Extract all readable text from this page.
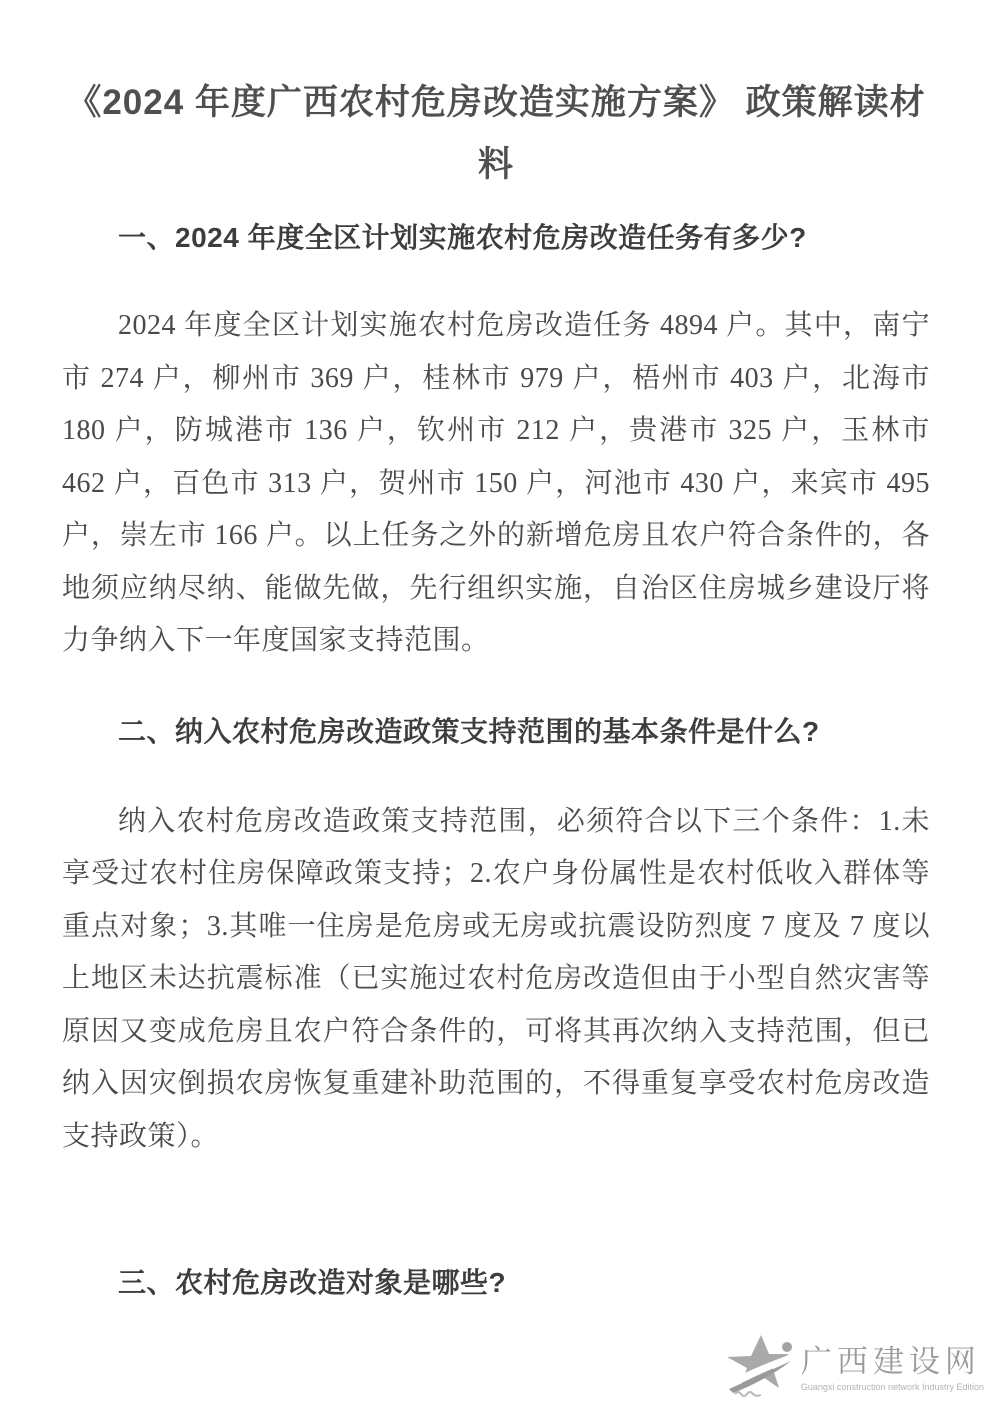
《2024 年度广西农村危房改造实施方案》 政策解读材料
一、2024 年度全区计划实施农村危房改造任务有多少?

2024 年度全区计划实施农村危房改造任务 4894 户。其中，南宁市 274 户，柳州市 369 户，桂林市 979 户，梧州市 403 户，北海市 180 户，防城港市 136 户，钦州市 212 户，贵港市 325 户，玉林市 462 户，百色市 313 户，贺州市 150 户，河池市 430 户，来宾市 495 户，崇左市 166 户。以上任务之外的新增危房且农户符合条件的，各地须应纳尽纳、能做先做，先行组织实施，自治区住房城乡建设厅将力争纳入下一年度国家支持范围。

二、纳入农村危房改造政策支持范围的基本条件是什么?

纳入农村危房改造政策支持范围，必须符合以下三个条件：1.未享受过农村住房保障政策支持；2.农户身份属性是农村低收入群体等重点对象；3.其唯一住房是危房或无房或抗震设防烈度 7 度及 7 度以上地区未达抗震标准（已实施过农村危房改造但由于小型自然灾害等原因又变成危房且农户符合条件的，可将其再次纳入支持范围，但已纳入因灾倒损农房恢复重建补助范围的，不得重复享受农村危房改造支持政策）。

三、农村危房改造对象是哪些?
广西建设网
Guangxi construction network Industry Edition
